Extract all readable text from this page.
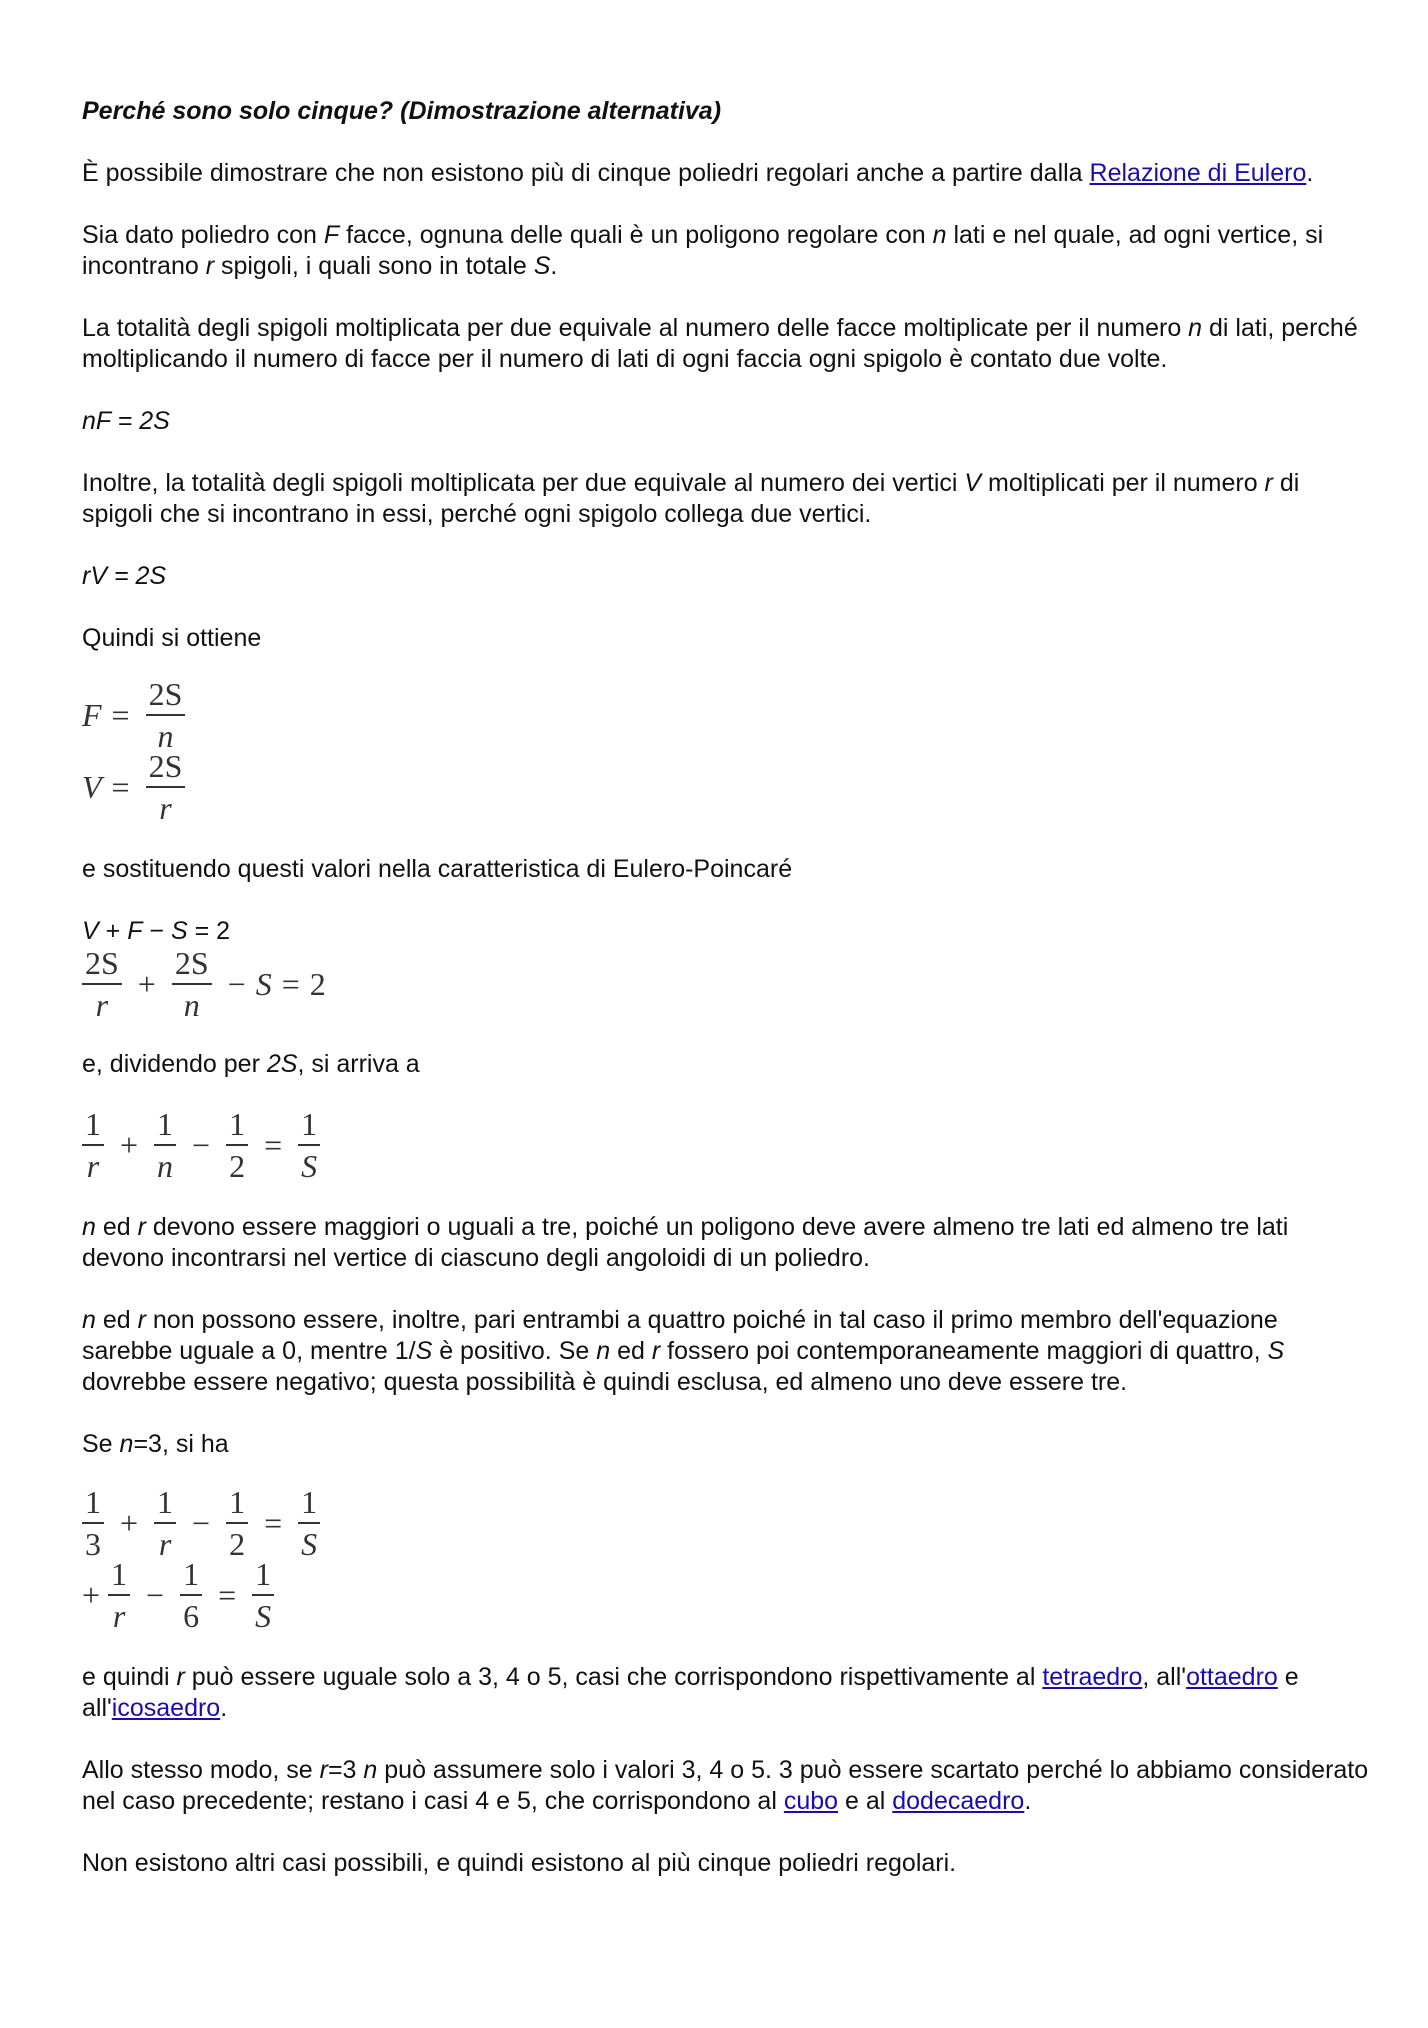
Perché sono solo cinque? (Dimostrazione alternativa)

È possibile dimostrare che non esistono più di cinque poliedri regolari anche a partire dalla Relazione di Eulero.

Sia dato poliedro con F facce, ognuna delle quali è un poligono regolare con n lati e nel quale, ad ogni vertice, si incontrano r spigoli, i quali sono in totale S.

La totalità degli spigoli moltiplicata per due equivale al numero delle facce moltiplicate per il numero n di lati, perché moltiplicando il numero di facce per il numero di lati di ogni faccia ogni spigolo è contato due volte.

nF = 2S

Inoltre, la totalità degli spigoli moltiplicata per due equivale al numero dei vertici V moltiplicati per il numero r di spigoli che si incontrano in essi, perché ogni spigolo collega due vertici.

rV = 2S

Quindi si ottiene

$F = \frac{2S}{n}$
$V = \frac{2S}{r}$

e sostituendo questi valori nella caratteristica di Eulero-Poincaré

V + F − S = 2

$\frac{2S}{r} + \frac{2S}{n} - S = 2$

e, dividendo per 2S, si arriva a

$\frac{1}{r} + \frac{1}{n} - \frac{1}{2} = \frac{1}{S}$

n ed r devono essere maggiori o uguali a tre, poiché un poligono deve avere almeno tre lati ed almeno tre lati devono incontrarsi nel vertice di ciascuno degli angoloidi di un poliedro.

n ed r non possono essere, inoltre, pari entrambi a quattro poiché in tal caso il primo membro dell'equazione sarebbe uguale a 0, mentre 1/S è positivo. Se n ed r fossero poi contemporaneamente maggiori di quattro, S dovrebbe essere negativo; questa possibilità è quindi esclusa, ed almeno uno deve essere tre.

Se n=3, si ha

$\frac{1}{3} + \frac{1}{r} - \frac{1}{2} = \frac{1}{S}$
+ $\frac{1}{r} - \frac{1}{6} = \frac{1}{S}$

e quindi r può essere uguale solo a 3, 4 o 5, casi che corrispondono rispettivamente al tetraedro, all'ottaedro e all'icosaedro.

Allo stesso modo, se r=3 n può assumere solo i valori 3, 4 o 5. 3 può essere scartato perché lo abbiamo considerato nel caso precedente; restano i casi 4 e 5, che corrispondono al cubo e al dodecaedro.

Non esistono altri casi possibili, e quindi esistono al più cinque poliedri regolari.
